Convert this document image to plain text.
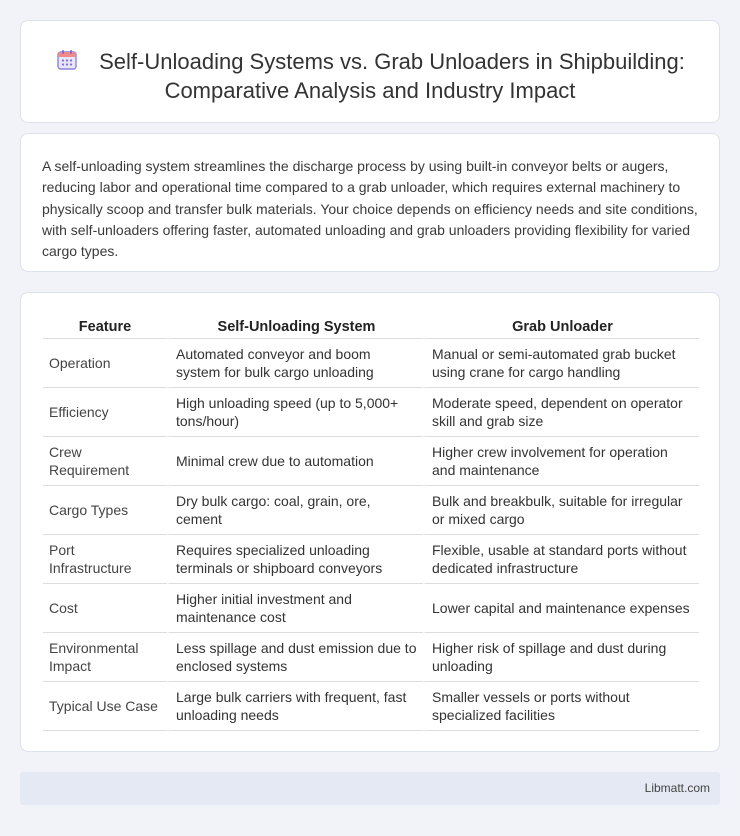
Self-Unloading Systems vs. Grab Unloaders in Shipbuilding: Comparative Analysis and Industry Impact

A self-unloading system streamlines the discharge process by using built-in conveyor belts or augers, reducing labor and operational time compared to a grab unloader, which requires external machinery to physically scoop and transfer bulk materials. Your choice depends on efficiency needs and site conditions, with self-unloaders offering faster, automated unloading and grab unloaders providing flexibility for varied cargo types.

Feature	Self-Unloading System	Grab Unloader
Operation	Automated conveyor and boom system for bulk cargo unloading	Manual or semi-automated grab bucket using crane for cargo handling
Efficiency	High unloading speed (up to 5,000+ tons/hour)	Moderate speed, dependent on operator skill and grab size
Crew Requirement	Minimal crew due to automation	Higher crew involvement for operation and maintenance
Cargo Types	Dry bulk cargo: coal, grain, ore, cement	Bulk and breakbulk, suitable for irregular or mixed cargo
Port Infrastructure	Requires specialized unloading terminals or shipboard conveyors	Flexible, usable at standard ports without dedicated infrastructure
Cost	Higher initial investment and maintenance cost	Lower capital and maintenance expenses
Environmental Impact	Less spillage and dust emission due to enclosed systems	Higher risk of spillage and dust during unloading
Typical Use Case	Large bulk carriers with frequent, fast unloading needs	Smaller vessels or ports without specialized facilities
Libmatt.com
